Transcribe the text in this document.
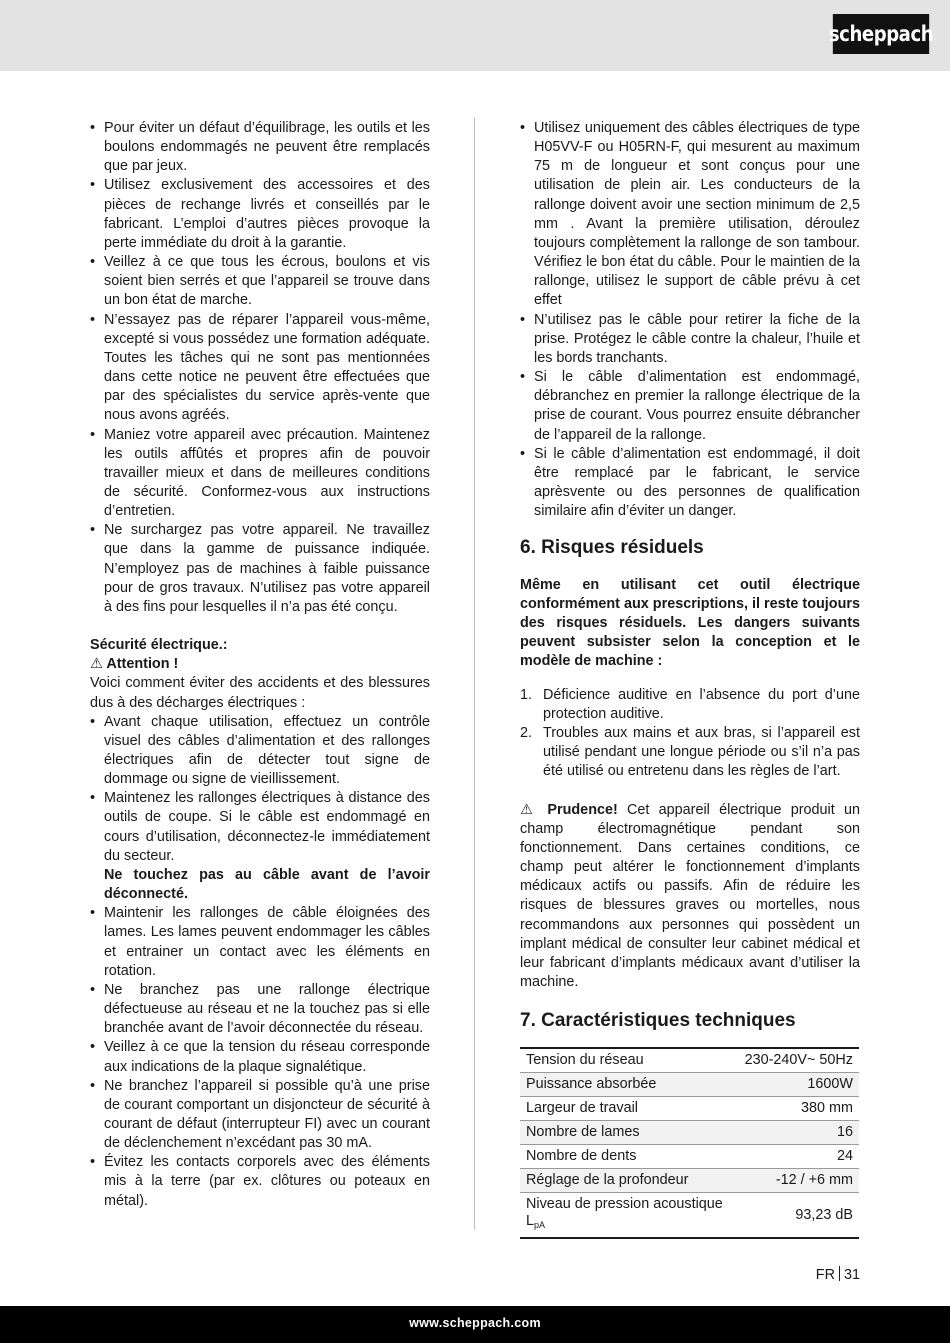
scheppach
• Pour éviter un défaut d’équilibrage, les outils et les boulons endommagés ne peuvent être remplacés que par jeux.
• Utilisez exclusivement des accessoires et des pièces de rechange livrés et conseillés par le fabricant. L’emploi d’autres pièces provoque la perte immédiate du droit à la garantie.
• Veillez à ce que tous les écrous, boulons et vis soient bien serrés et que l’appareil se trouve dans un bon état de marche.
• N’essayez pas de réparer l’appareil vous-même, excepté si vous possédez une formation adéquate. Toutes les tâches qui ne sont pas mentionnées dans cette notice ne peuvent être effectuées que par des spécialistes du service après-vente que nous avons agréés.
• Maniez votre appareil avec précaution. Maintenez les outils affûtés et propres afin de pouvoir travailler mieux et dans de meilleures conditions de sécurité. Conformez-vous aux instructions d’entretien.
• Ne surchargez pas votre appareil. Ne travaillez que dans la gamme de puissance indiquée. N’employez pas de machines à faible puissance pour de gros travaux. N’utilisez pas votre appareil à des fins pour lesquelles il n’a pas été conçu.
Sécurité électrique.:
⚠ Attention !

Voici comment éviter des accidents et des blessures dus à des décharges électriques :

• Avant chaque utilisation, effectuez un contrôle visuel des câbles d’alimentation et des rallonges électriques afin de détecter tout signe de dommage ou signe de vieillissement.
• Maintenez les rallonges électriques à distance des outils de coupe. Si le câble est endommagé en cours d’utilisation, déconnectez-le immédiatement du secteur.
Ne touchez pas au câble avant de l’avoir déconnecté.
• Maintenir les rallonges de câble éloignées des lames. Les lames peuvent endommager les câbles et entrainer un contact avec les éléments en rotation.
• Ne branchez pas une rallonge électrique défectueuse au réseau et ne la touchez pas si elle branchée avant de l’avoir déconnectée du réseau.
• Veillez à ce que la tension du réseau corresponde aux indications de la plaque signalétique.
• Ne branchez l’appareil si possible qu’à une prise de courant comportant un disjoncteur de sécurité à courant de défaut (interrupteur FI) avec un courant de déclenchement n’excédant pas 30 mA.
• Évitez les contacts corporels avec des éléments mis à la terre (par ex. clôtures ou poteaux en métal).
• Utilisez uniquement des câbles électriques de type H05VV-F ou H05RN-F, qui mesurent au maximum 75 m de longueur et sont conçus pour une utilisation de plein air. Les conducteurs de la rallonge doivent avoir une section minimum de 2,5 mm . Avant la première utilisation, déroulez toujours complètement la rallonge de son tambour. Vérifiez le bon état du câble. Pour le maintien de la rallonge, utilisez le support de câble prévu à cet effet
• N’utilisez pas le câble pour retirer la fiche de la prise. Protégez le câble contre la chaleur, l’huile et les bords tranchants.
• Si le câble d’alimentation est endommagé, débranchez en premier la rallonge électrique de la prise de courant. Vous pourrez ensuite débrancher de l’appareil de la rallonge.
• Si le câble d’alimentation est endommagé, il doit être remplacé par le fabricant, le service aprèsvente ou des personnes de qualification similaire afin d’éviter un danger.
6. Risques résiduels

Même en utilisant cet outil électrique conformément aux prescriptions, il reste toujours des risques résiduels. Les dangers suivants peuvent subsister selon la conception et le modèle de machine :

1. Déficience auditive en l’absence du port d’une protection auditive.
2. Troubles aux mains et aux bras, si l’appareil est utilisé pendant une longue période ou s’il n’a pas été utilisé ou entretenu dans les règles de l’art.

⚠ Prudence! Cet appareil électrique produit un champ électromagnétique pendant son fonctionnement. Dans certaines conditions, ce champ peut altérer le fonctionnement d’implants médicaux actifs ou passifs. Afin de réduire les risques de blessures graves ou mortelles, nous recommandons aux personnes qui possèdent un implant médical de consulter leur cabinet médical et leur fabricant d’implants médicaux avant d’utiliser la machine.

7. Caractéristiques techniques
Tension du réseau	230-240V~ 50Hz
Puissance absorbée	1600W
Largeur de travail	380 mm
Nombre de lames	16
Nombre de dents	24
Réglage de la profondeur	-12 / +6 mm
Niveau de pression acoustique $L_{pA}$	93,23 dB
FR 31
www.scheppach.com
